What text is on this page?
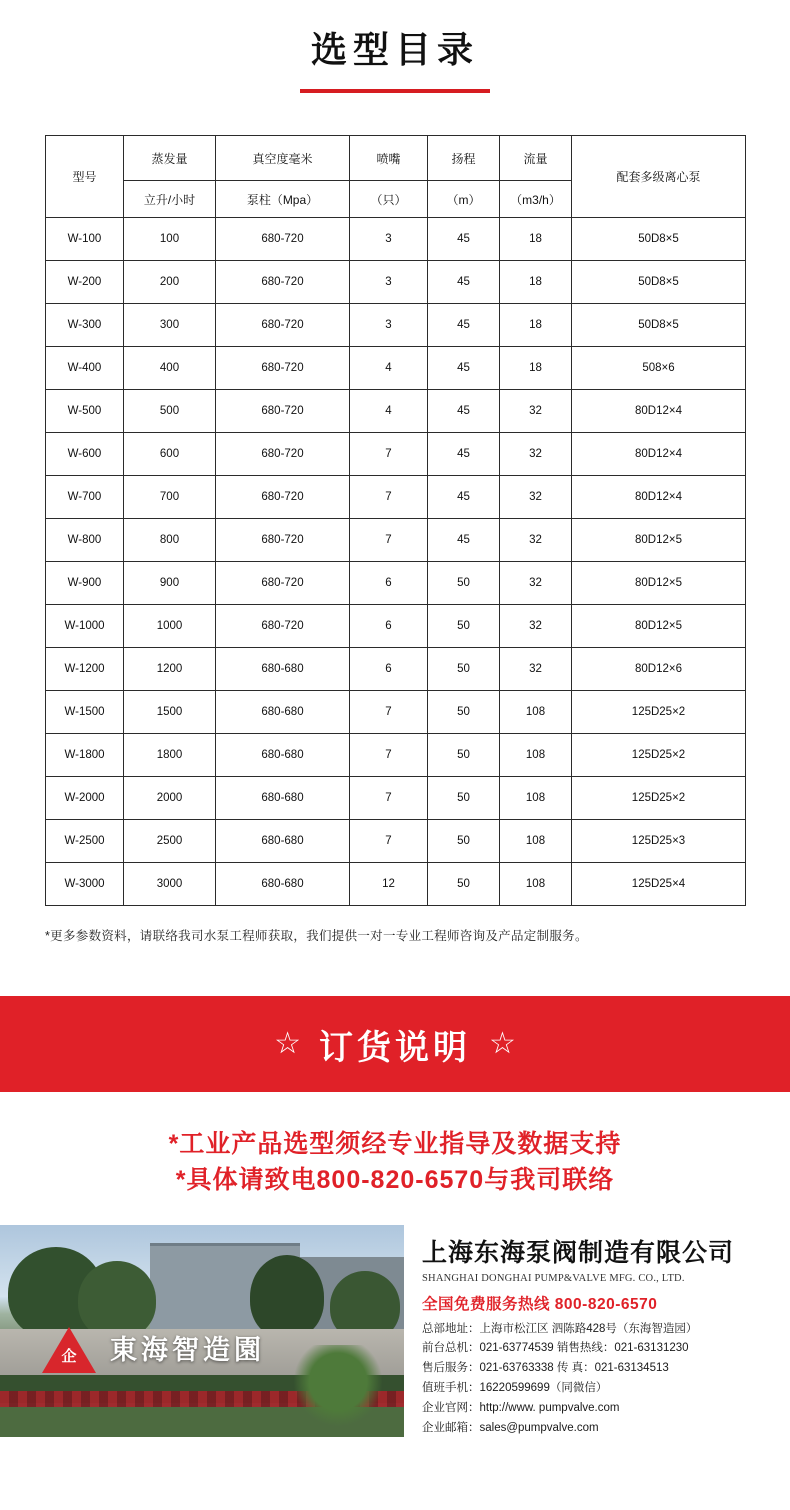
选型目录
型号	蒸发量	真空度毫米	喷嘴	扬程	流量	配套多级离心泵
	立升/小时	泵柱（Mpa）	（只）	（m）	（m3/h）	
W-100	100	680-720	3	45	18	50D8×5
W-200	200	680-720	3	45	18	50D8×5
W-300	300	680-720	3	45	18	50D8×5
W-400	400	680-720	4	45	18	508×6
W-500	500	680-720	4	45	32	80D12×4
W-600	600	680-720	7	45	32	80D12×4
W-700	700	680-720	7	45	32	80D12×4
W-800	800	680-720	7	45	32	80D12×5
W-900	900	680-720	6	50	32	80D12×5
W-1000	1000	680-720	6	50	32	80D12×5
W-1200	1200	680-680	6	50	32	80D12×6
W-1500	1500	680-680	7	50	108	125D25×2
W-1800	1800	680-680	7	50	108	125D25×2
W-2000	2000	680-680	7	50	108	125D25×2
W-2500	2500	680-680	7	50	108	125D25×3
W-3000	3000	680-680	12	50	108	125D25×4
*更多参数资料，请联络我司水泵工程师获取，我们提供一对一专业工程师咨询及产品定制服务。
☆ 订货说明 ☆
*工业产品选型须经专业指导及数据支持
*具体请致电800-820-6570与我司联络
企 東海智造園
上海东海泵阀制造有限公司
SHANGHAI DONGHAI PUMP&VALVE MFG. CO., LTD.
全国免费服务热线 800-820-6570
总部地址：上海市松江区 泗陈路428号（东海智造园）
前台总机：021-63774539 销售热线：021-63131230
售后服务：021-63763338 传 真：021-63134513
值班手机：16220599699（同微信）
企业官网：http://www. pumpvalve.com
企业邮箱：sales@pumpvalve.com
